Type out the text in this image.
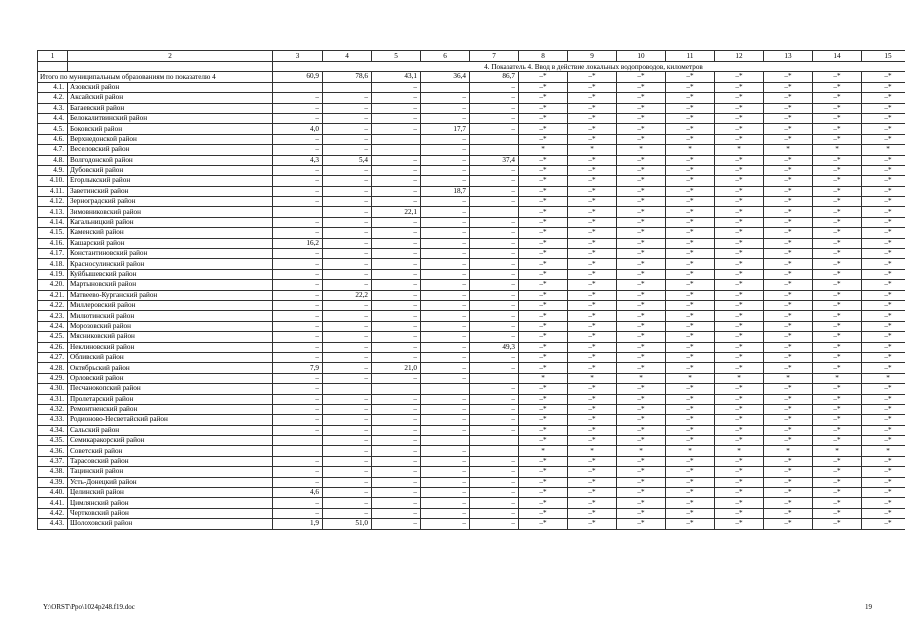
1	2	3	4	5	6	7	8	9	10	11	12	13	14	15
		4. Показатель 4. Ввод в действие локальных водопроводов, километров												
Итого по муниципальным образованиям по показателю 4		60,9	78,6	43,1	36,4	86,7	–*	–*	–*	–*	–*	–*	–*	–*
4.1.	Азовский район			–		–	–*	–*	–*	–*	–*	–*	–*	–*
4.2.	Аксайский район	–	–	–	–	–	–*	–*	–*	–*	–*	–*	–*	–*
4.3.	Багаевский район	–	–	–	–	–	–*	–*	–*	–*	–*	–*	–*	–*
4.4.	Белокалитвинский район	–	–	–	–	–	–*	–*	–*	–*	–*	–*	–*	–*
4.5.	Боковский район	4,0	–	–	17,7	–	–*	–*	–*	–*	–*	–*	–*	–*
4.6.	Верхнедонской район	–	–		–		–*	–*	–*	–*	–*	–*	–*	–*
4.7.	Веселовский район	–	–		–		*	*	*	*	*	*	*	*
4.8.	Волгодонской район	4,3	5,4	–	–	37,4	–*	–*	–*	–*	–*	–*	–*	–*
4.9.	Дубовский район	–	–	–	–	–	–*	–*	–*	–*	–*	–*	–*	–*
4.10.	Егорлыкский район	–	–	–	–	–	–*	–*	–*	–*	–*	–*	–*	–*
4.11.	Заветинский район	–	–	–	18,7	–	–*	–*	–*	–*	–*	–*	–*	–*
4.12.	Зерноградский район	–	–	–	–	–	–*	–*	–*	–*	–*	–*	–*	–*
4.13.	Зимовниковский район		–	22,1	–		–*	–*	–*	–*	–*	–*	–*	–*
4.14.	Кагальницкий район	–	–	–	–	–	–*	–*	–*	–*	–*	–*	–*	–*
4.15.	Каменский район	–	–	–	–	–	–*	–*	–*	–*	–*	–*	–*	–*
4.16.	Кашарский район	16,2	–	–	–	–	–*	–*	–*	–*	–*	–*	–*	–*
4.17.	Константиновский район	–	–	–	–	–	–*	–*	–*	–*	–*	–*	–*	–*
4.18.	Красносулинский район	–	–	–	–	–	–*	–*	–*	–*	–*	–*	–*	–*
4.19.	Куйбышевский район	–	–	–	–	–	–*	–*	–*	–*	–*	–*	–*	–*
4.20.	Мартыновский район	–	–	–	–	–	–*	–*	–*	–*	–*	–*	–*	–*
4.21.	Матвеево-Курганский район	–	22,2	–	–	–	–*	–*	–*	–*	–*	–*	–*	–*
4.22.	Миллеровский район	–	–	–	–	–	–*	–*	–*	–*	–*	–*	–*	–*
4.23.	Милютинский район	–	–	–	–	–	–*	–*	–*	–*	–*	–*	–*	–*
4.24.	Морозовский район	–	–	–	–	–	–*	–*	–*	–*	–*	–*	–*	–*
4.25.	Мясниковский район	–	–	–	–	–	–*	–*	–*	–*	–*	–*	–*	–*
4.26.	Неклиновский район	–	–	–	–	49,3	–*	–*	–*	–*	–*	–*	–*	–*
4.27.	Обливский район	–	–	–	–	–	–*	–*	–*	–*	–*	–*	–*	–*
4.28.	Октябрьский район	7,9	–	21,0	–	–	–*	–*	–*	–*	–*	–*	–*	–*
4.29.	Орловский район	–	–	–	–		*	*	*	*	*	*	*	*
4.30.	Песчанокопский район	–				–	–*	–*	–*	–*	–*	–*	–*	–*
4.31.	Пролетарский район	–	–	–	–	–	–*	–*	–*	–*	–*	–*	–*	–*
4.32.	Ремонтненский район	–	–	–	–	–	–*	–*	–*	–*	–*	–*	–*	–*
4.33.	Родионово-Несветайский район	–	–	–	–	–	–*	–*	–*	–*	–*	–*	–*	–*
4.34.	Сальский район	–	–	–	–	–	–*	–*	–*	–*	–*	–*	–*	–*
4.35.	Семикаракорский район		–	–			–*	–*	–*	–*	–*	–*	–*	–*
4.36.	Советский район		–	–	–		*	*	*	*	*	*	*	*
4.37.	Тарасовский район	–	–	–	–	–	–*	–*	–*	–*	–*	–*	–*	–*
4.38.	Тацинский район	–	–	–	–	–	–*	–*	–*	–*	–*	–*	–*	–*
4.39.	Усть-Донецкий район	–	–	–	–	–	–*	–*	–*	–*	–*	–*	–*	–*
4.40.	Целинский район	4,6	–	–	–	–	–*	–*	–*	–*	–*	–*	–*	–*
4.41.	Цимлянский район	–	–	–	–	–	–*	–*	–*	–*	–*	–*	–*	–*
4.42.	Чертковский район	–	–	–	–	–	–*	–*	–*	–*	–*	–*	–*	–*
4.43.	Шолоховский район	1,9	51,0	–	–	–	–*	–*	–*	–*	–*	–*	–*	–*
Y:\ORST\Ppo\1024p248.f19.doc	19
